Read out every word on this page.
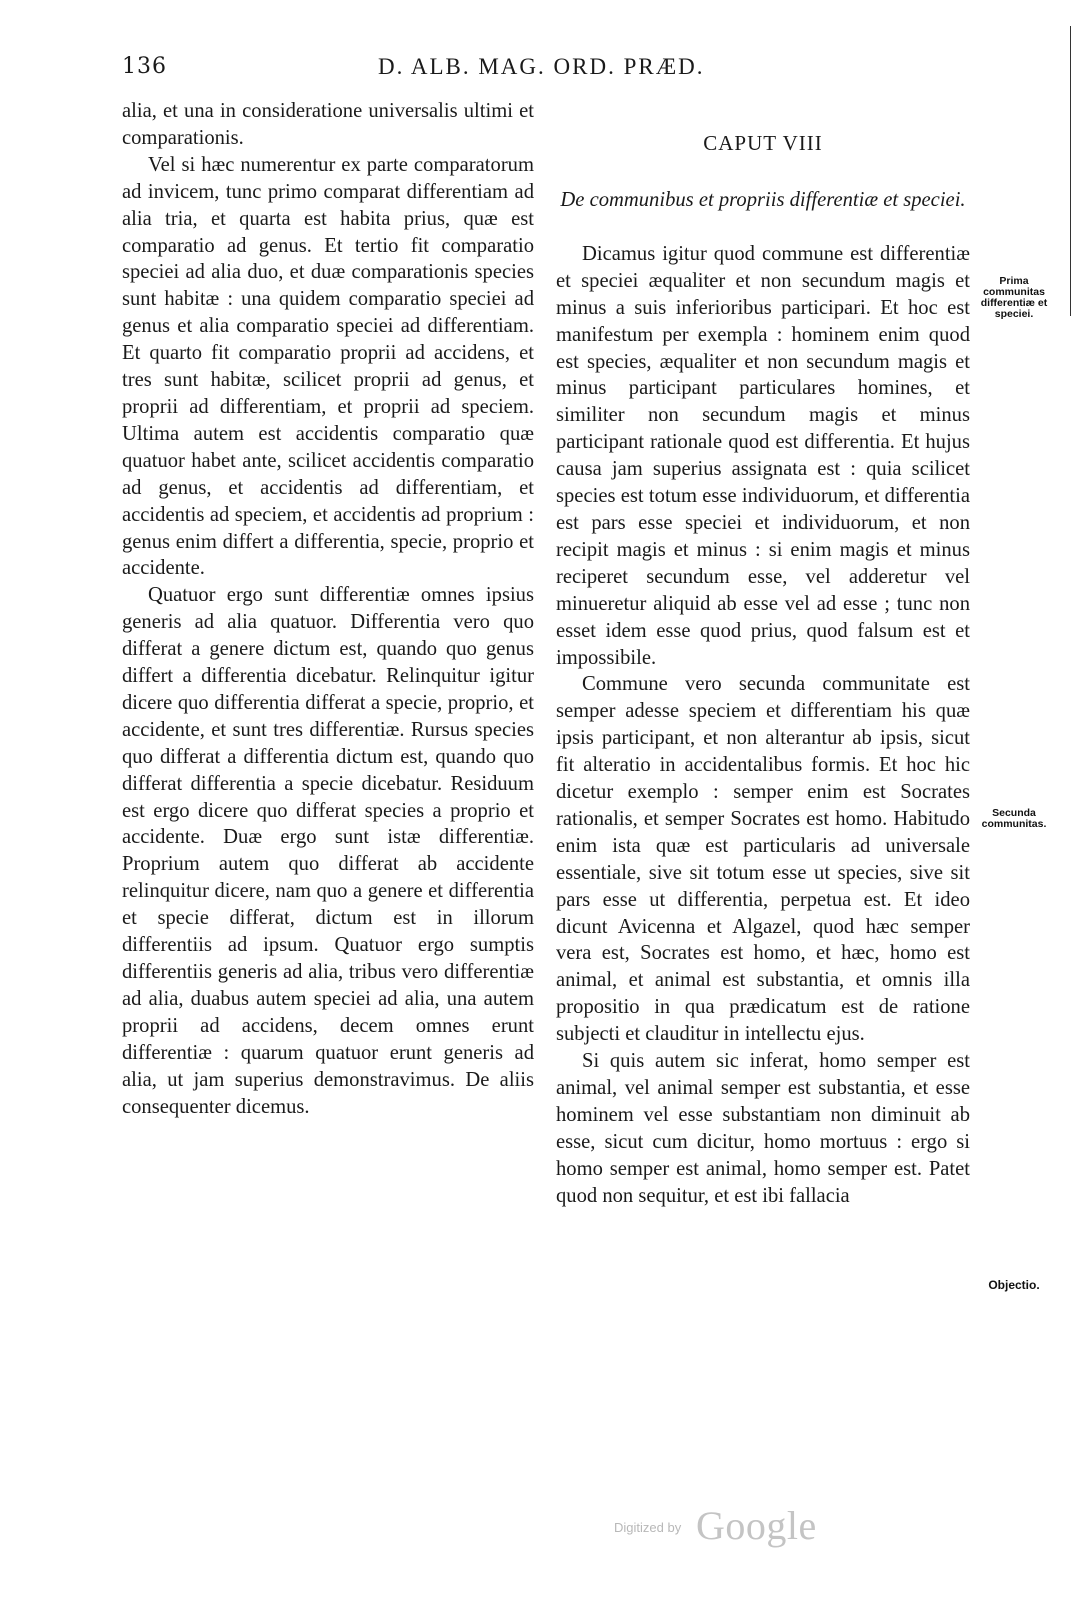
136	D. ALB. MAG. ORD. PRÆD.

alia, et una in consideratione universalis ultimi et comparationis.

Vel si hæc numerentur ex parte comparatorum ad invicem, tunc primo comparat differentiam ad alia tria, et quarta est habita prius, quæ est comparatio ad genus. Et tertio fit comparatio speciei ad alia duo, et duæ comparationis species sunt habitæ : una quidem comparatio speciei ad genus et alia comparatio speciei ad differentiam. Et quarto fit comparatio proprii ad accidens, et tres sunt habitæ, scilicet proprii ad genus, et proprii ad differentiam, et proprii ad speciem. Ultima autem est accidentis comparatio quæ quatuor habet ante, scilicet accidentis comparatio ad genus, et accidentis ad differentiam, et accidentis ad speciem, et accidentis ad proprium : genus enim differt a differentia, specie, proprio et accidente.

Quatuor ergo sunt differentiæ omnes ipsius generis ad alia quatuor. Differentia vero quo differat a genere dictum est, quando quo genus differt a differentia dicebatur. Relinquitur igitur dicere quo differentia differat a specie, proprio, et accidente, et sunt tres differentiæ. Rursus species quo differat a differentia dictum est, quando quo differat differentia a specie dicebatur. Residuum est ergo dicere quo differat species a proprio et accidente. Duæ ergo sunt istæ differentiæ. Proprium autem quo differat ab accidente relinquitur dicere, nam quo a genere et differentia et specie differat, dictum est in illorum differentiis ad ipsum. Quatuor ergo sumptis differentiis generis ad alia, tribus vero differentiæ ad alia, duabus autem speciei ad alia, una autem proprii ad accidens, decem omnes erunt differentiæ : quarum quatuor erunt generis ad alia, ut jam superius demonstravimus. De aliis consequenter dicemus.

CAPUT VIII
De communibus et propriis differentiæ et speciei.

Dicamus igitur quod commune est differentiæ et speciei æqualiter et non secundum magis et minus a suis inferioribus participari. Et hoc est manifestum per exempla : hominem enim quod est species, æqualiter et non secundum magis et minus participant particulares homines, et similiter non secundum magis et minus participant rationale quod est differentia. Et hujus causa jam superius assignata est : quia scilicet species est totum esse individuorum, et differentia est pars esse speciei et individuorum, et non recipit magis et minus : si enim magis et minus reciperet secundum esse, vel adderetur vel minueretur aliquid ab esse vel ad esse ; tunc non esset idem esse quod prius, quod falsum est et impossibile.

Commune vero secunda communitate est semper adesse speciem et differentiam his quæ ipsis participant, et non alterantur ab ipsis, sicut fit alteratio in accidentalibus formis. Et hoc hic dicetur exemplo : semper enim est Socrates rationalis, et semper Socrates est homo. Habitudo enim ista quæ est particularis ad universale essentiale, sive sit totum esse ut species, sive sit pars esse ut differentia, perpetua est. Et ideo dicunt Avicenna et Algazel, quod hæc semper vera est, Socrates est homo, et hæc, homo est animal, et animal est substantia, et omnis illa propositio in qua prædicatum est de ratione subjecti et clauditur in intellectu ejus.

Si quis autem sic inferat, homo semper est animal, vel animal semper est substantia, et esse hominem vel esse substantiam non diminuit ab esse, sicut cum dicitur, homo mortuus : ergo si homo semper est animal, homo semper est. Patet quod non sequitur, et est ibi fallacia

Prima communitas differentiæ et speciei.
Secunda communitas.
Objectio.
Digitized by Google
